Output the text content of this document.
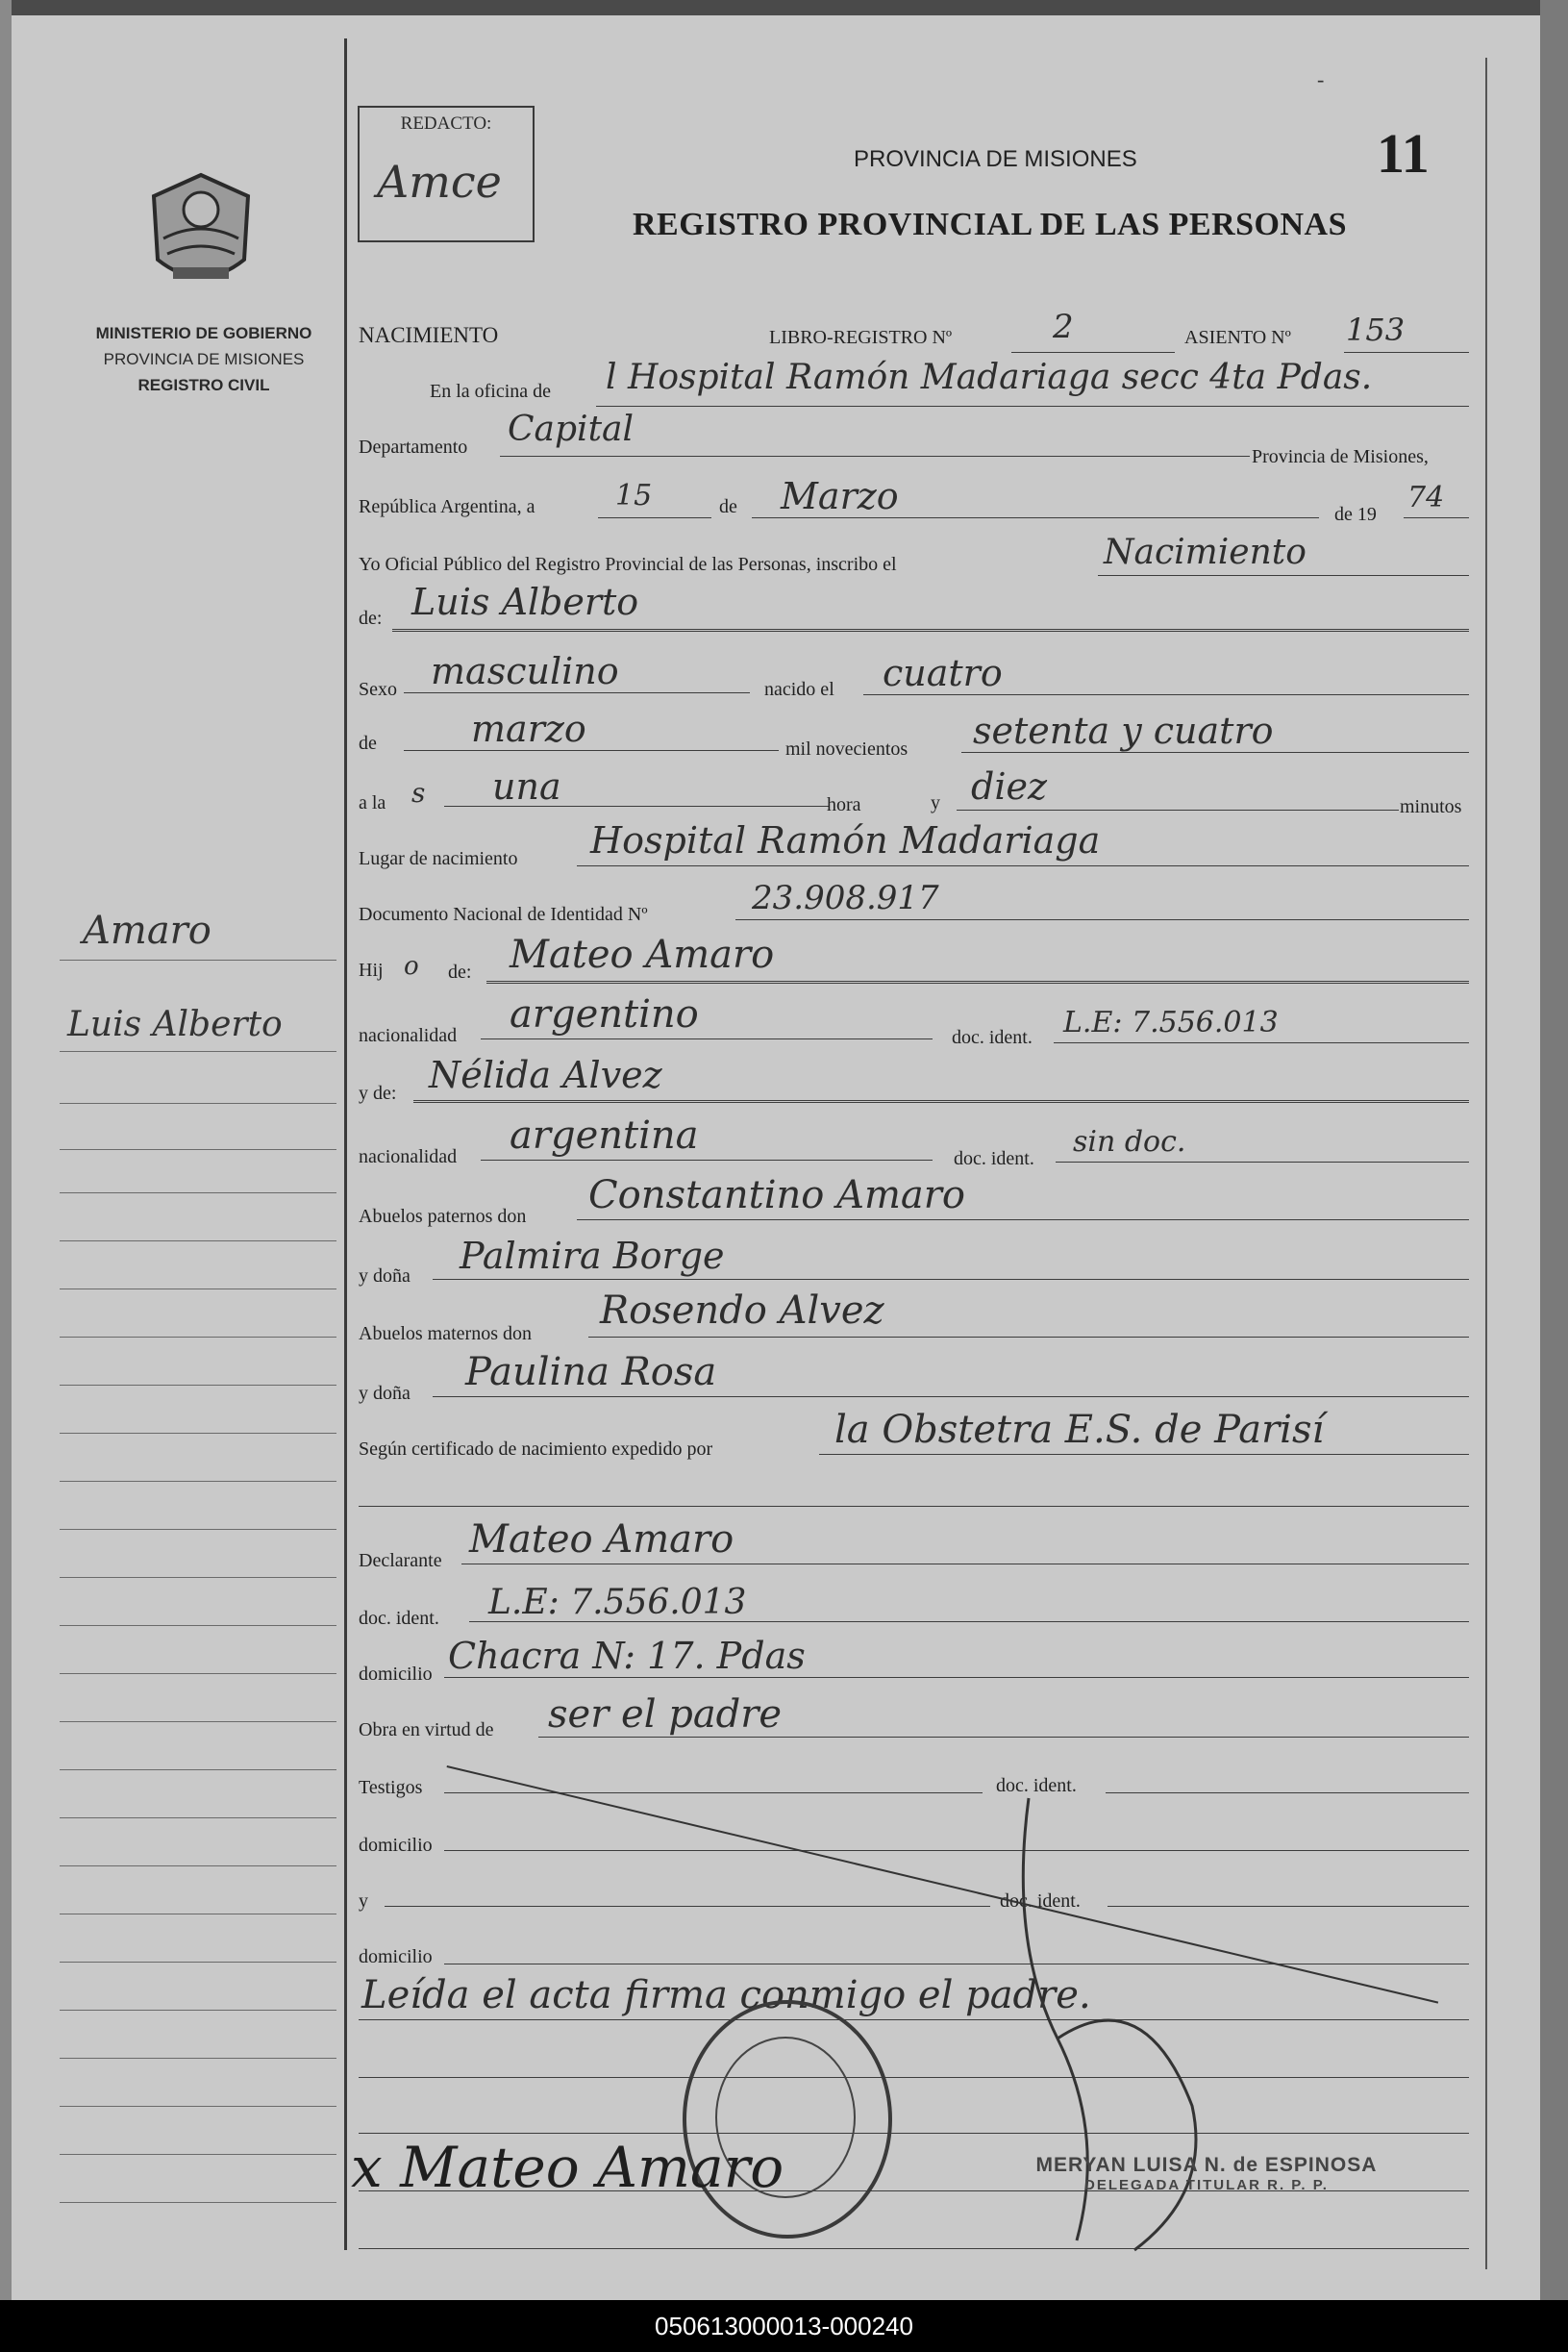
MINISTERIO DE GOBIERNO
PROVINCIA DE MISIONES
REGISTRO CIVIL
Amaro
Luis Alberto
REDACTO:
Amce
-
PROVINCIA DE MISIONES
REGISTRO PROVINCIAL DE LAS PERSONAS
11
NACIMIENTO	LIBRO-REGISTRO Nº	2	ASIENTO Nº 153
En la oficina de l Hospital Ramón Madariaga secc 4ta Pdas.
Departamento Capital
Provincia de Misiones,
República Argentina, a	15	de Marzo	de 19 74
Yo Oficial Público del Registro Provincial de las Personas, inscribo el	Nacimiento
de: Luis Alberto
Sexo masculino	nacido el cuatro
de	marzo	mil novecientos setenta y cuatro
a la s una	hora	y diez	minutos
Lugar de nacimiento Hospital Ramón Madariaga
Documento Nacional de Identidad Nº	23.908.917
Hij o de: Mateo Amaro
nacionalidad argentino
doc. ident. L.E: 7.556.013
y de: Nélida Alvez
nacionalidad argentina
doc. ident. sin doc.
Abuelos paternos don Constantino Amaro
y doña Palmira Borge
Abuelos maternos don
Rosendo Alvez
y doña Paulina Rosa
Según certificado de nacimiento expedido por	la Obstetra E.S. de Parisí
Declarante Mateo Amaro
doc. ident. L.E: 7.556.013
domicilio Chacra N: 17. Pdas
Obra en virtud de ser el padre
Testigos	doc. ident.
domicilio
y	doc. ident.
domicilio
Leída el acta firma conmigo el padre.
x Mateo Amaro	MERYAN LUISA N. de ESPINOSA
DELEGADA TITULAR R. P. P.
050613000013-000240
